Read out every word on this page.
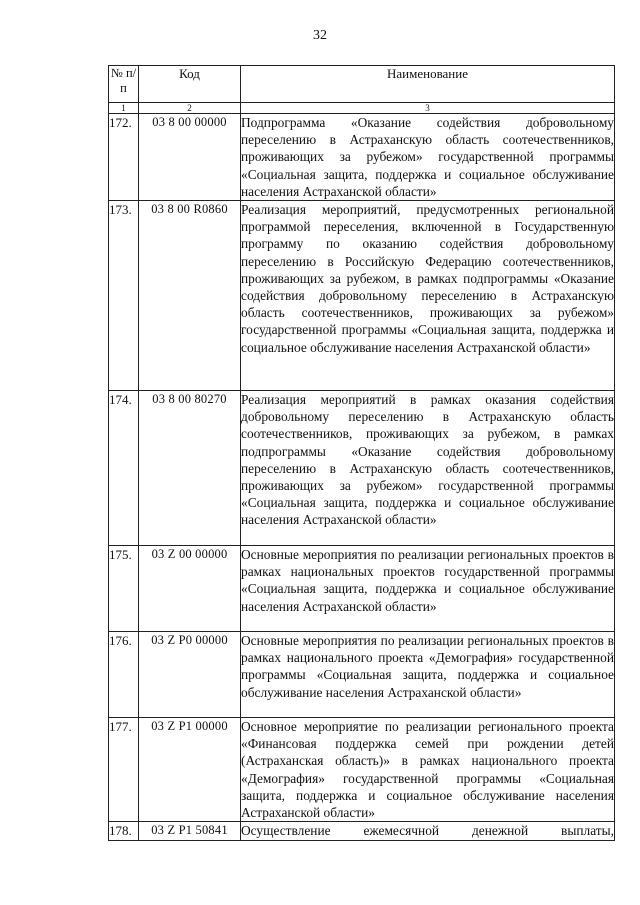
32
№ п/п	Код	Наименование
1	2	3
172.	03 8 00 00000	Подпрограмма «Оказание содействия добровольному переселению в Астраханскую область соотечественников, проживающих за рубежом» государственной программы «Социальная защита, поддержка и социальное обслуживание населения Астраханской области»
173.	03 8 00 R0860	Реализация мероприятий, предусмотренных региональной программой переселения, включенной в Государственную программу по оказанию содействия добровольному переселению в Российскую Федерацию соотечественников, проживающих за рубежом, в рамках подпрограммы «Оказание содействия добровольному переселению в Астраханскую область соотечественников, проживающих за рубежом» государственной программы «Социальная защита, поддержка и социальное обслуживание населения Астраханской области»
174.	03 8 00 80270	Реализация мероприятий в рамках оказания содействия добровольному переселению в Астраханскую область соотечественников, проживающих за рубежом, в рамках подпрограммы «Оказание содействия добровольному переселению в Астраханскую область соотечественников, проживающих за рубежом» государственной программы «Социальная защита, поддержка и социальное обслуживание населения Астраханской области»
175.	03 Z 00 00000	Основные мероприятия по реализации региональных проектов в рамках национальных проектов государственной программы «Социальная защита, поддержка и социальное обслуживание населения Астраханской области»
176.	03 Z P0 00000	Основные мероприятия по реализации региональных проектов в рамках национального проекта «Демография» государственной программы «Социальная защита, поддержка и социальное обслуживание населения Астраханской области»
177.	03 Z P1 00000	Основное мероприятие по реализации регионального проекта «Финансовая поддержка семей при рождении детей (Астраханская область)» в рамках национального проекта «Демография» государственной программы «Социальная защита, поддержка и социальное обслуживание населения Астраханской области»
178.	03 Z P1 50841	Осуществление ежемесячной денежной выплаты,
